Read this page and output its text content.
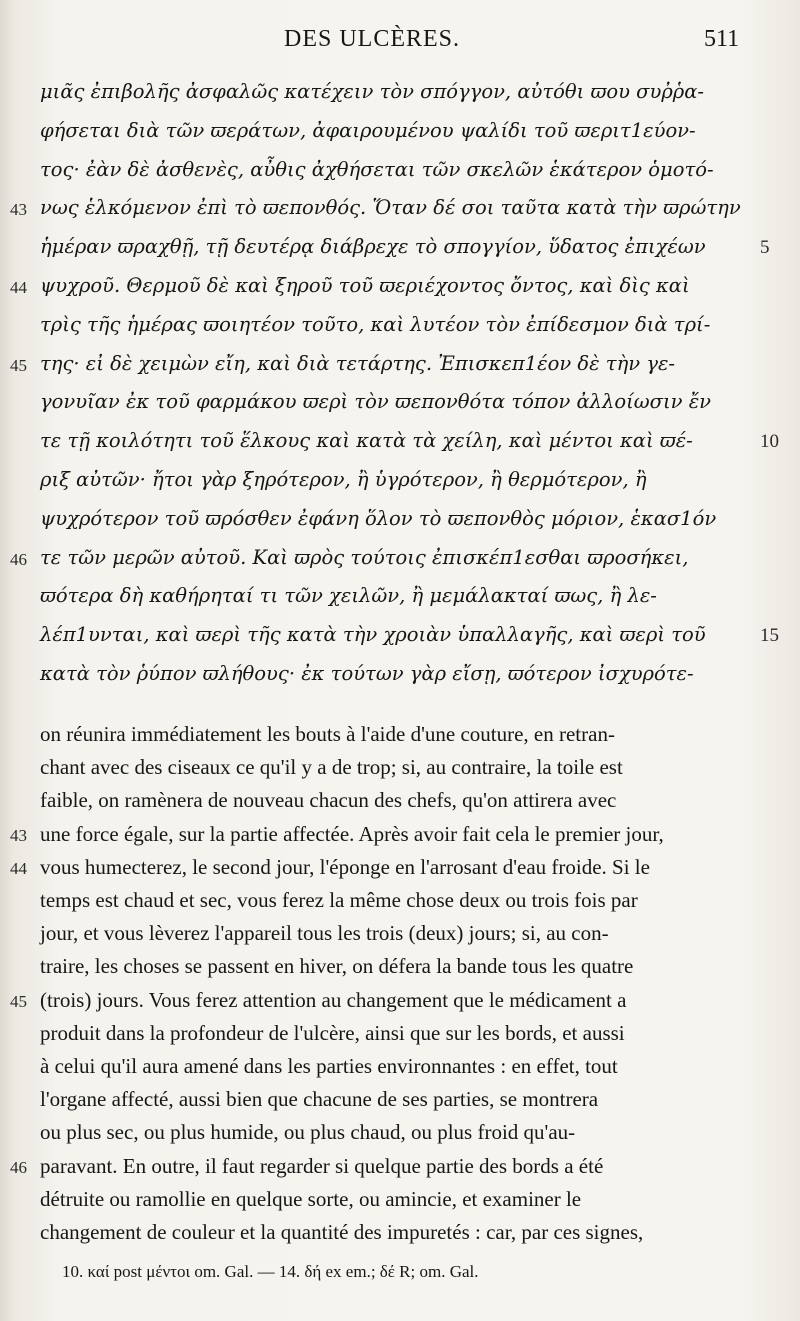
DES ULCÈRES.	511
μιᾶς ἐπιβολῆς ἀσφαλῶς κατέχειν τὸν σπόγγον, αὐτόθι ϖου συῤῥα-
φήσεται διὰ τῶν ϖεράτων, ἀφαιρουμένου ψαλίδι τοῦ ϖεριτ1εύον-
τος· ἐὰν δὲ ἀσθενὲς, αὖθις ἀχθήσεται τῶν σκελῶν ἑκάτερον ὁμοτό-
43 νως ἑλκόμενον ἐπὶ τὸ ϖεπονθός. Ὅταν δέ σοι ταῦτα κατὰ τὴν ϖρώτην
ἡμέραν ϖραχθῇ, τῇ δευτέρᾳ διάβρεχε τὸ σπογγίον, ὕδατος ἐπιχέων	5
44 ψυχροῦ. Θερμοῦ δὲ καὶ ξηροῦ τοῦ ϖεριέχοντος ὄντος, καὶ δὶς καὶ
τρὶς τῆς ἡμέρας ϖοιητέον τοῦτο, καὶ λυτέον τὸν ἐπίδεσμον διὰ τρί-
45 της· εἰ δὲ χειμὼν εἴη, καὶ διὰ τετάρτης. Ἐπισκεπ1έον δὲ τὴν γε-
γονυῖαν ἐκ τοῦ φαρμάκου ϖερὶ τὸν ϖεπονθότα τόπον ἀλλοίωσιν ἔν
τε τῇ κοιλότητι τοῦ ἕλκους καὶ κατὰ τὰ χείλη, καὶ μέντοι καὶ ϖέ-	10
ριξ αὐτῶν· ἤτοι γὰρ ξηρότερον, ἢ ὑγρότερον, ἢ θερμότερον, ἢ
ψυχρότερον τοῦ ϖρόσθεν ἐφάνη ὅλον τὸ ϖεπονθὸς μόριον, ἑκασ1όν
46 τε τῶν μερῶν αὐτοῦ. Καὶ ϖρὸς τούτοις ἐπισκέπ1εσθαι ϖροσήκει,
ϖότερα δὴ καθήρηταί τι τῶν χειλῶν, ἢ μεμάλακταί ϖως, ἢ λε-
λέπ1υνται, καὶ ϖερὶ τῆς κατὰ τὴν χροιὰν ὑπαλλαγῆς, καὶ ϖερὶ τοῦ	15
κατὰ τὸν ῥύπον ϖλήθους· ἐκ τούτων γὰρ εἴσῃ, ϖότερον ἰσχυρότε-
on réunira immédiatement les bouts à l'aide d'une couture, en retran-
chant avec des ciseaux ce qu'il y a de trop; si, au contraire, la toile est
faible, on ramènera de nouveau chacun des chefs, qu'on attirera avec
43 une force égale, sur la partie affectée. Après avoir fait cela le premier jour,
44 vous humecterez, le second jour, l'éponge en l'arrosant d'eau froide. Si le
temps est chaud et sec, vous ferez la même chose deux ou trois fois par
jour, et vous lèverez l'appareil tous les trois (deux) jours; si, au con-
traire, les choses se passent en hiver, on défera la bande tous les quatre
45 (trois) jours. Vous ferez attention au changement que le médicament a
produit dans la profondeur de l'ulcère, ainsi que sur les bords, et aussi
à celui qu'il aura amené dans les parties environnantes : en effet, tout
l'organe affecté, aussi bien que chacune de ses parties, se montrera
ou plus sec, ou plus humide, ou plus chaud, ou plus froid qu'au-
46 paravant. En outre, il faut regarder si quelque partie des bords a été
détruite ou ramollie en quelque sorte, ou amincie, et examiner le
changement de couleur et la quantité des impuretés : car, par ces signes,
10. καί post μέντοι om. Gal. — 14. δή ex em.; δέ R; om. Gal.
